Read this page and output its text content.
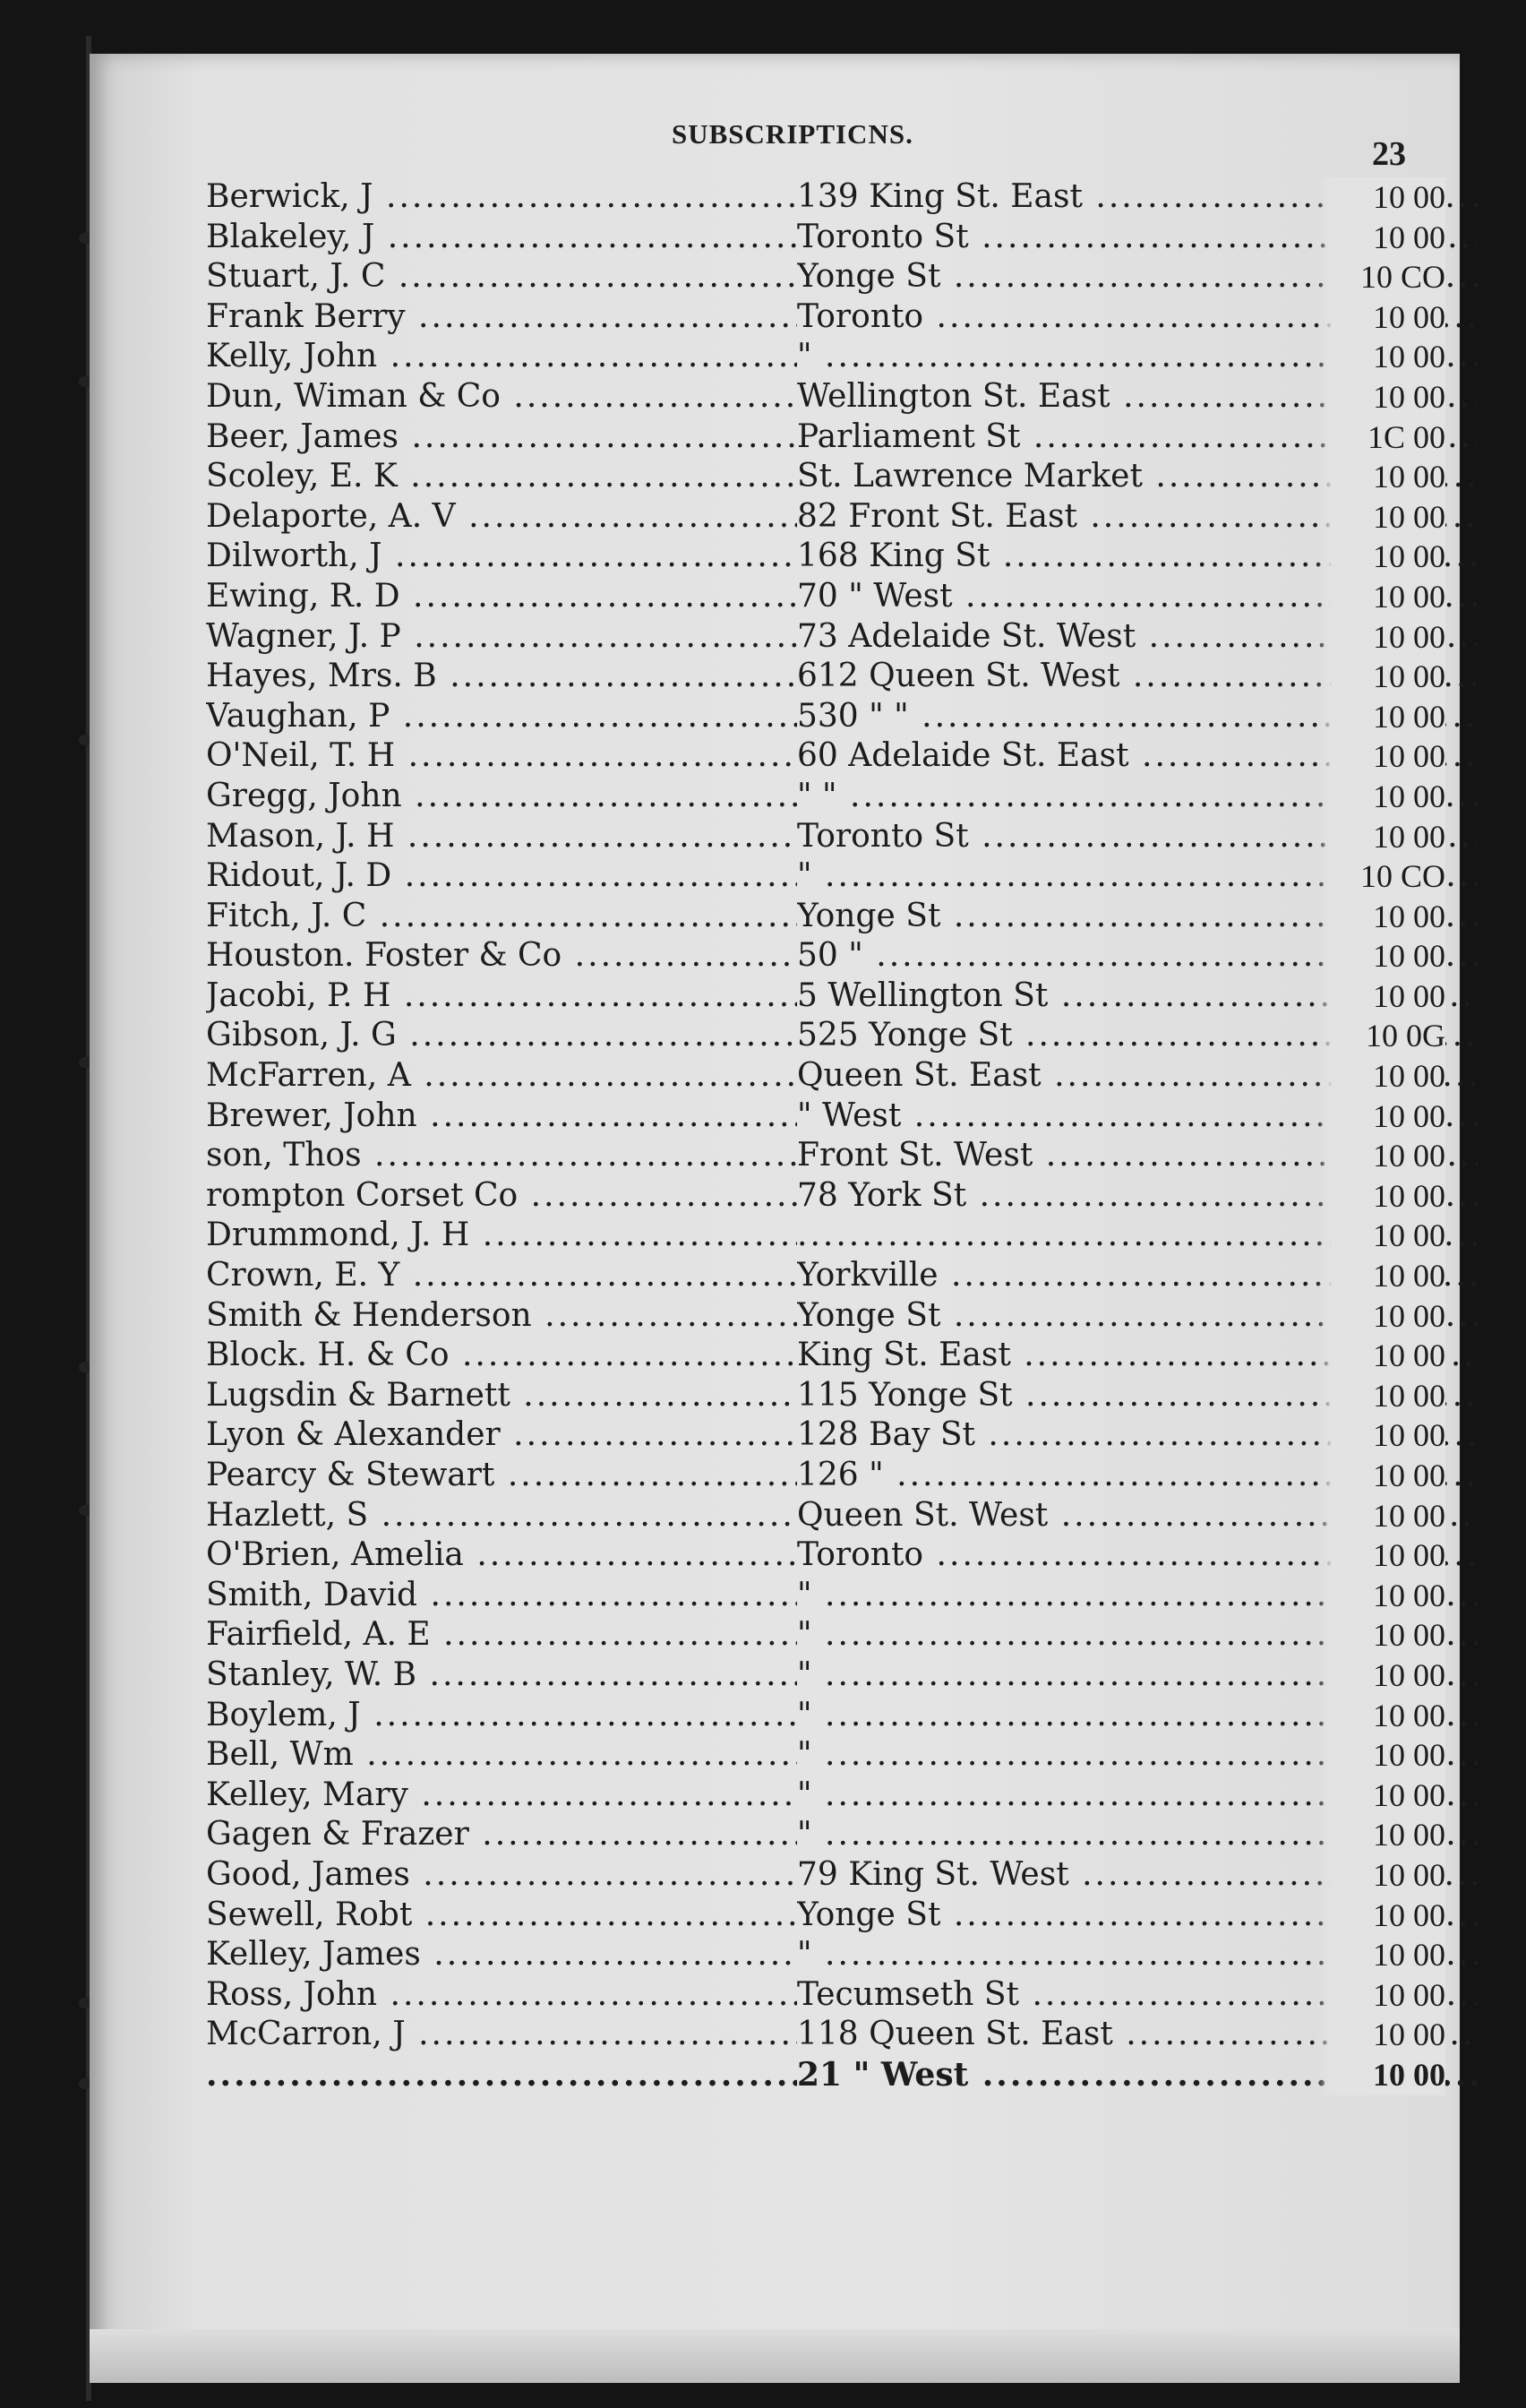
SUBSCRIPTICNS.
23
Berwick, J .....	139 King St. East .....	10 00
Blakeley, J .....	Toronto St .....	10 00
Stuart, J. C .....	Yonge St .....	10 CO
Frank Berry .....	Toronto .....	10 00
Kelly, John .....	" .....	10 00
Dun, Wiman & Co .....	Wellington St. East .....	10 00
Beer, James .....	Parliament St .....	1C 00
Scoley, E. K .....	St. Lawrence Market .....	10 00
Delaporte, A. V .....	82 Front St. East .....	10 00
Dilworth, J .....	168 King St .....	10 00
Ewing, R. D .....	70 " West .....	10 00
Wagner, J. P .....	73 Adelaide St. West .....	10 00
Hayes, Mrs. B .....	612 Queen St. West .....	10 00
Vaughan, P .....	530 " " .....	10 00
O'Neil, T. H .....	60 Adelaide St. East .....	10 00
Gregg, John .....	" " .....	10 00
Mason, J. H .....	Toronto St .....	10 00
Ridout, J. D .....	" .....	10 CO
Fitch, J. C .....	Yonge St .....	10 00
Houston. Foster & Co .....	50 " .....	10 00
Jacobi, P. H .....	5 Wellington St .....	10 00
Gibson, J. G .....	525 Yonge St .....	10 0G
McFarren, A .....	Queen St. East .....	10 00
Brewer, John .....	" West .....	10 00
son, Thos .....	Front St. West .....	10 00
rompton Corset Co .....	78 York St .....	10 00
Drummond, J. H .....
.....	10 00
Crown, E. Y .....	Yorkville .....	10 00
Smith & Henderson .....	Yonge St .....	10 00
Block. H. & Co .....	King St. East .....	10 00
Lugsdin & Barnett .....	115 Yonge St .....	10 00
Lyon & Alexander .....	128 Bay St .....	10 00
Pearcy & Stewart .....	126 " .....	10 00
Hazlett, S .....	Queen St. West .....	10 00
O'Brien, Amelia .....	Toronto .....	10 00
Smith, David .....	" .....	10 00
Fairfield, A. E .....	" .....	10 00
Stanley, W. B .....	" .....	10 00
Boylem, J .....	" .....	10 00
Bell, Wm .....	" .....	10 00
Kelley, Mary .....	" .....	10 00
Gagen & Frazer .....	" .....	10 00
Good, James .....	79 King St. West .....	10 00
Sewell, Robt .....	Yonge St .....	10 00
Kelley, James .....	" .....	10 00
Ross, John .....	Tecumseth St .....	10 00
McCarron, J .....	118 Queen St. East .....	10 00
.....
21 " West .....	10 00
